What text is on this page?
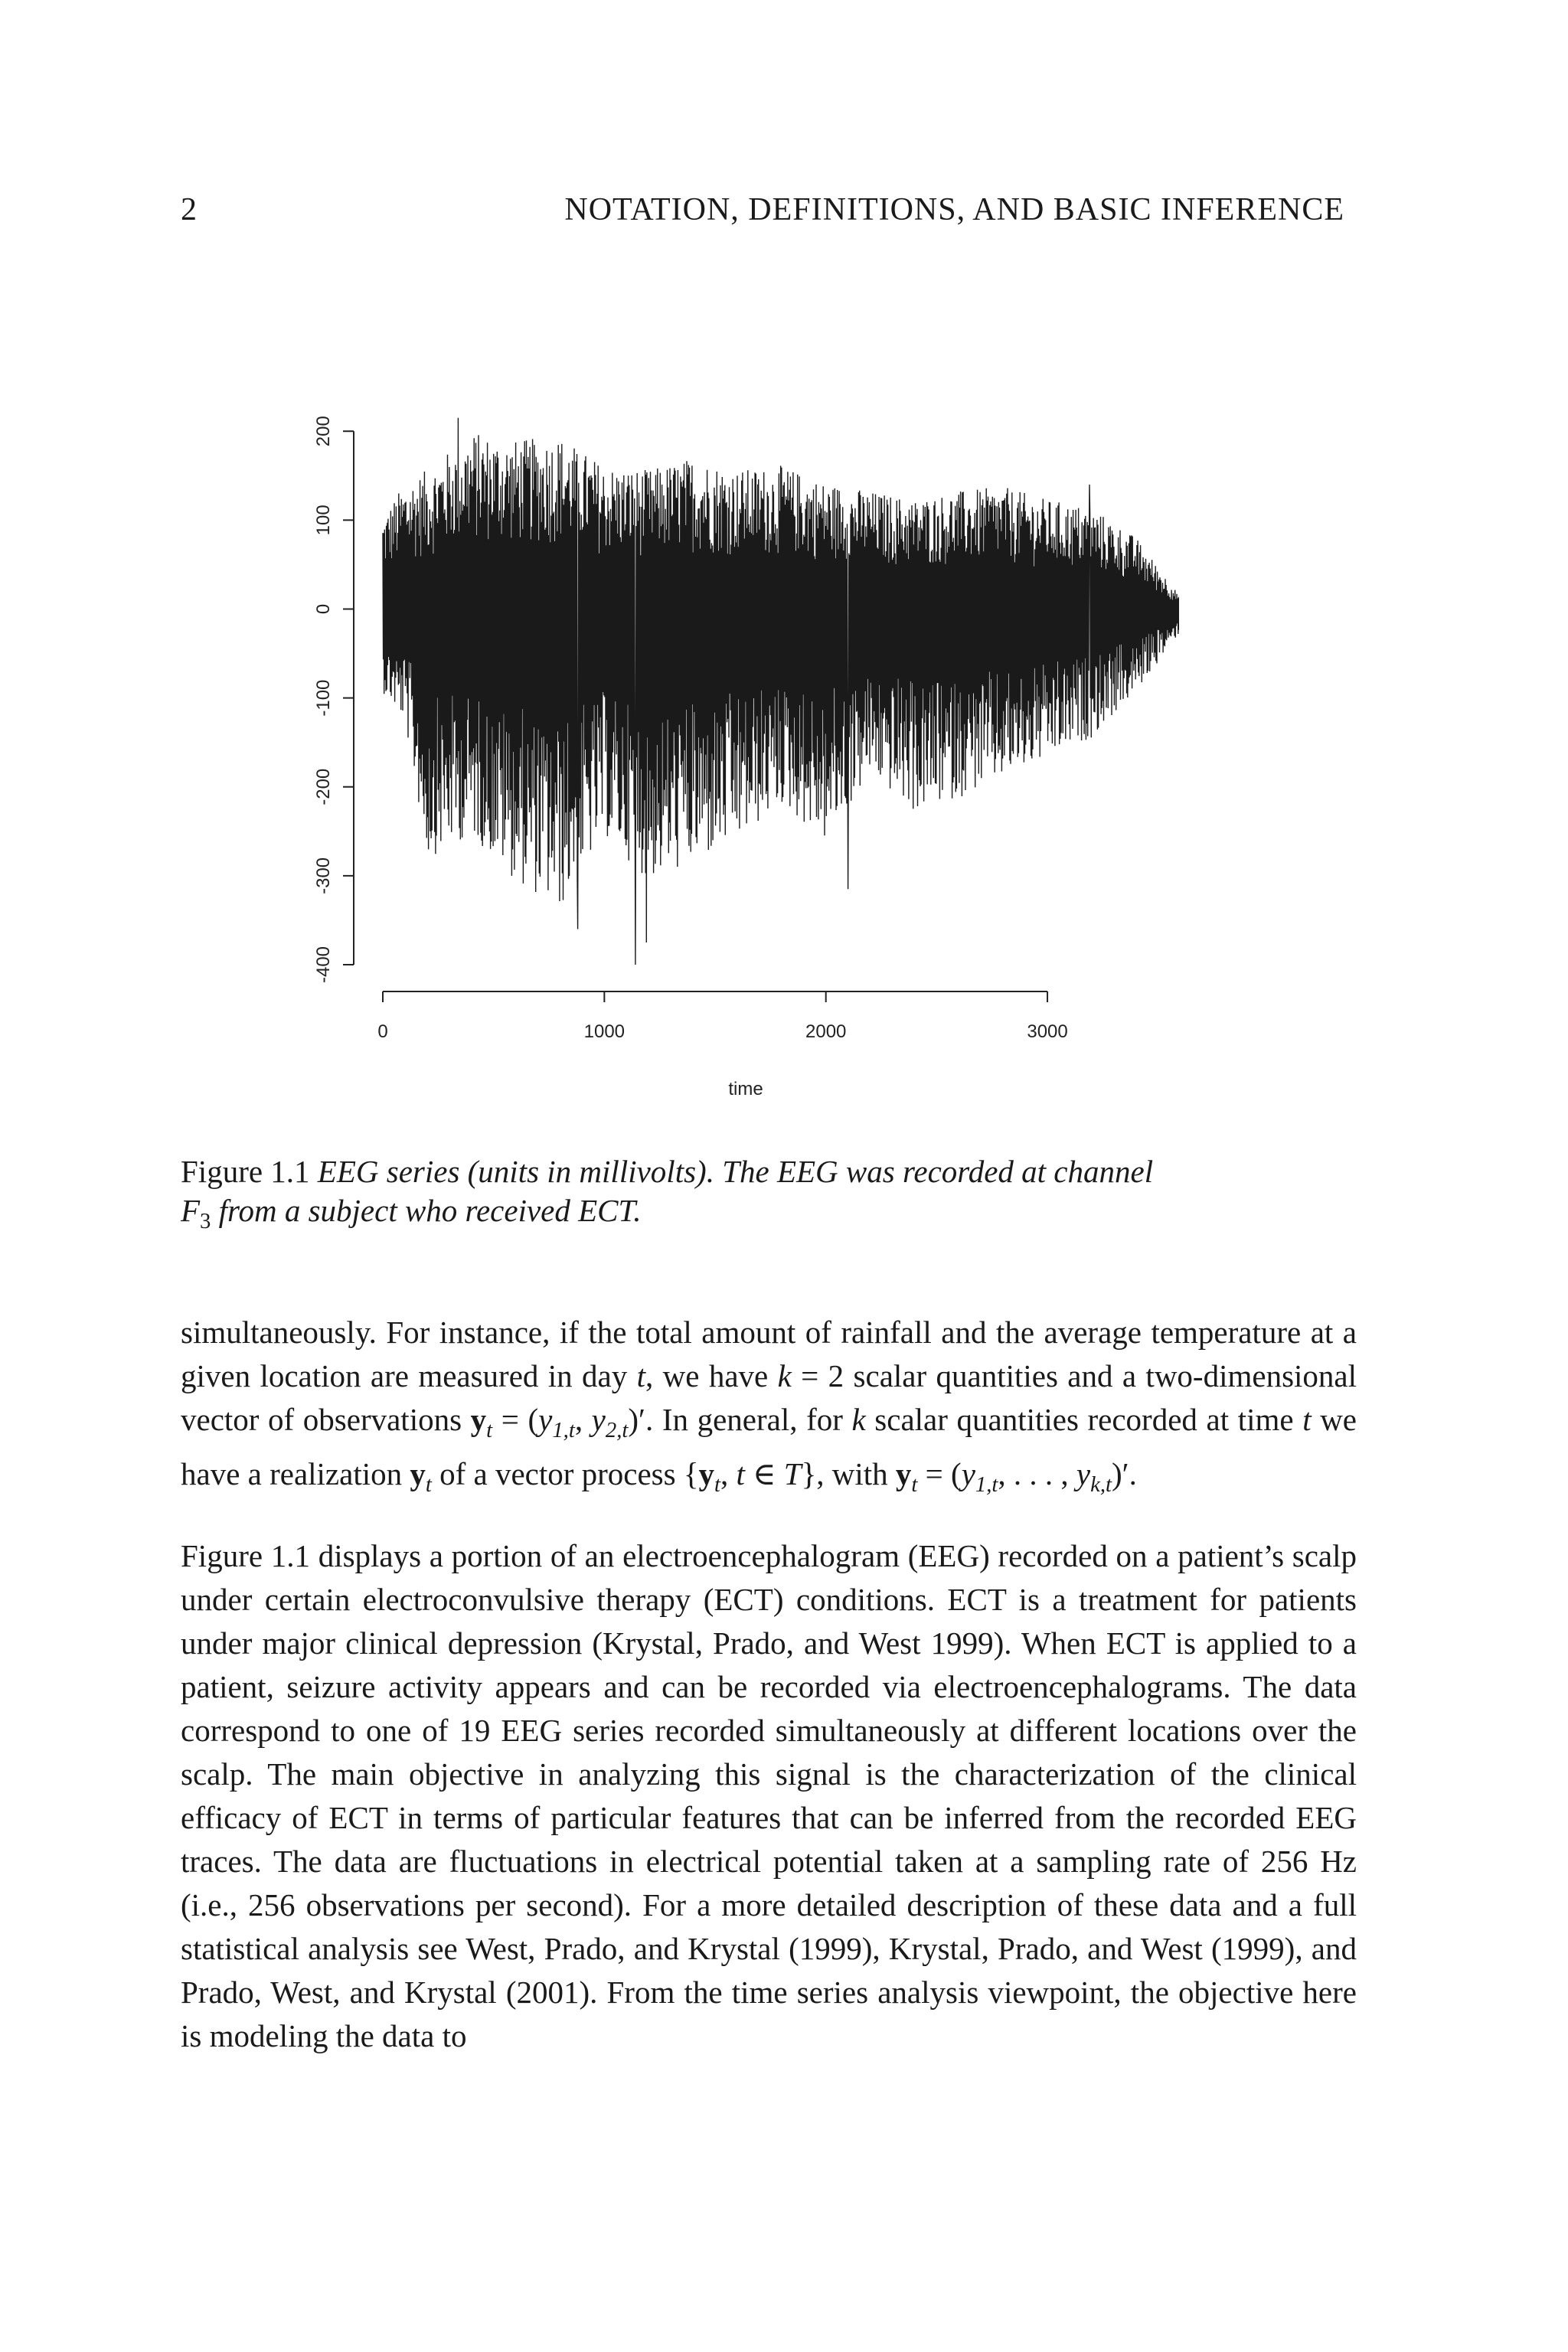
2	NOTATION, DEFINITIONS, AND BASIC INFERENCE
-400
-300
-200
-100
0
100
200
0	1000	2000	3000
time
Figure 1.1 EEG series (units in millivolts). The EEG was recorded at channel
$F_3$ from a subject who received ECT.

simultaneously. For instance, if the total amount of rainfall and the average temperature at a given location are measured in day t, we have k = 2 scalar quantities and a two-dimensional vector of observations $y_t = (y_{1,t}$, $y_{2,t})'$. In general, for k scalar quantities recorded at time t we have a realization $y_t$ of a vector process {$y_t$, t ∈ T}, with $y_t = (y_{1,t}$, . . . , $y_{k,t})'$.

Figure 1.1 displays a portion of an electroencephalogram (EEG) recorded on a patient’s scalp under certain electroconvulsive therapy (ECT) conditions. ECT is a treatment for patients under major clinical depression (Krystal, Prado, and West 1999). When ECT is applied to a patient, seizure activity appears and can be recorded via electroencephalograms. The data correspond to one of 19 EEG series recorded simultaneously at different locations over the scalp. The main objective in analyzing this signal is the characterization of the clinical efficacy of ECT in terms of particular features that can be inferred from the recorded EEG traces. The data are fluctuations in electrical potential taken at a sampling rate of 256 Hz (i.e., 256 observations per second). For a more detailed description of these data and a full statistical analysis see West, Prado, and Krystal (1999), Krystal, Prado, and West (1999), and Prado, West, and Krystal (2001). From the time series analysis viewpoint, the objective here is modeling the data to
